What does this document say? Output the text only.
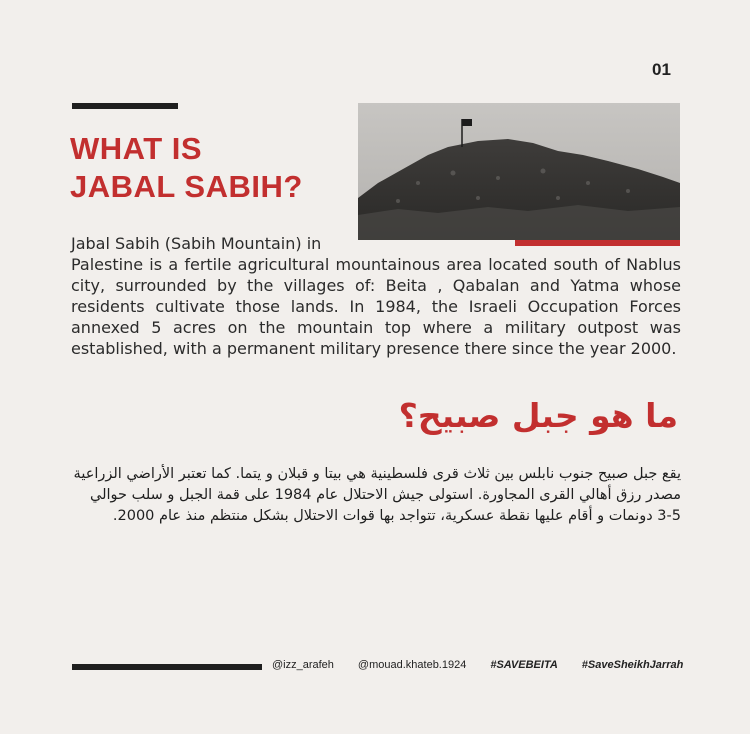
01
WHAT IS
JABAL SABIH?
Jabal Sabih (Sabih Mountain) in
Palestine is a fertile agricultural mountainous area located south of Nablus city, surrounded by the villages of: Beita , Qabalan and Yatma whose residents cultivate those lands. In 1984, the Israeli Occupation Forces annexed 5 acres on the mountain top where a military outpost was established, with a permanent military presence there since the year 2000.
ما هو جبل صبيح؟

يقع جبل صبيح جنوب نابلس بين ثلاث قرى فلسطينية هي بيتا و قبلان و يتما. كما تعتبر الأراضي الزراعية مصدر رزق أهالي القرى المجاورة. استولى جيش الاحتلال عام 1984 على قمة الجبل و سلب حوالي 5-3 دونمات و أقام عليها نقطة عسكرية، تتواجد بها قوات الاحتلال بشكل منتظم منذ عام 2000.

@izz_arafeh @mouad.khateb.1924 #SAVEBEITA #SaveSheikhJarrah
